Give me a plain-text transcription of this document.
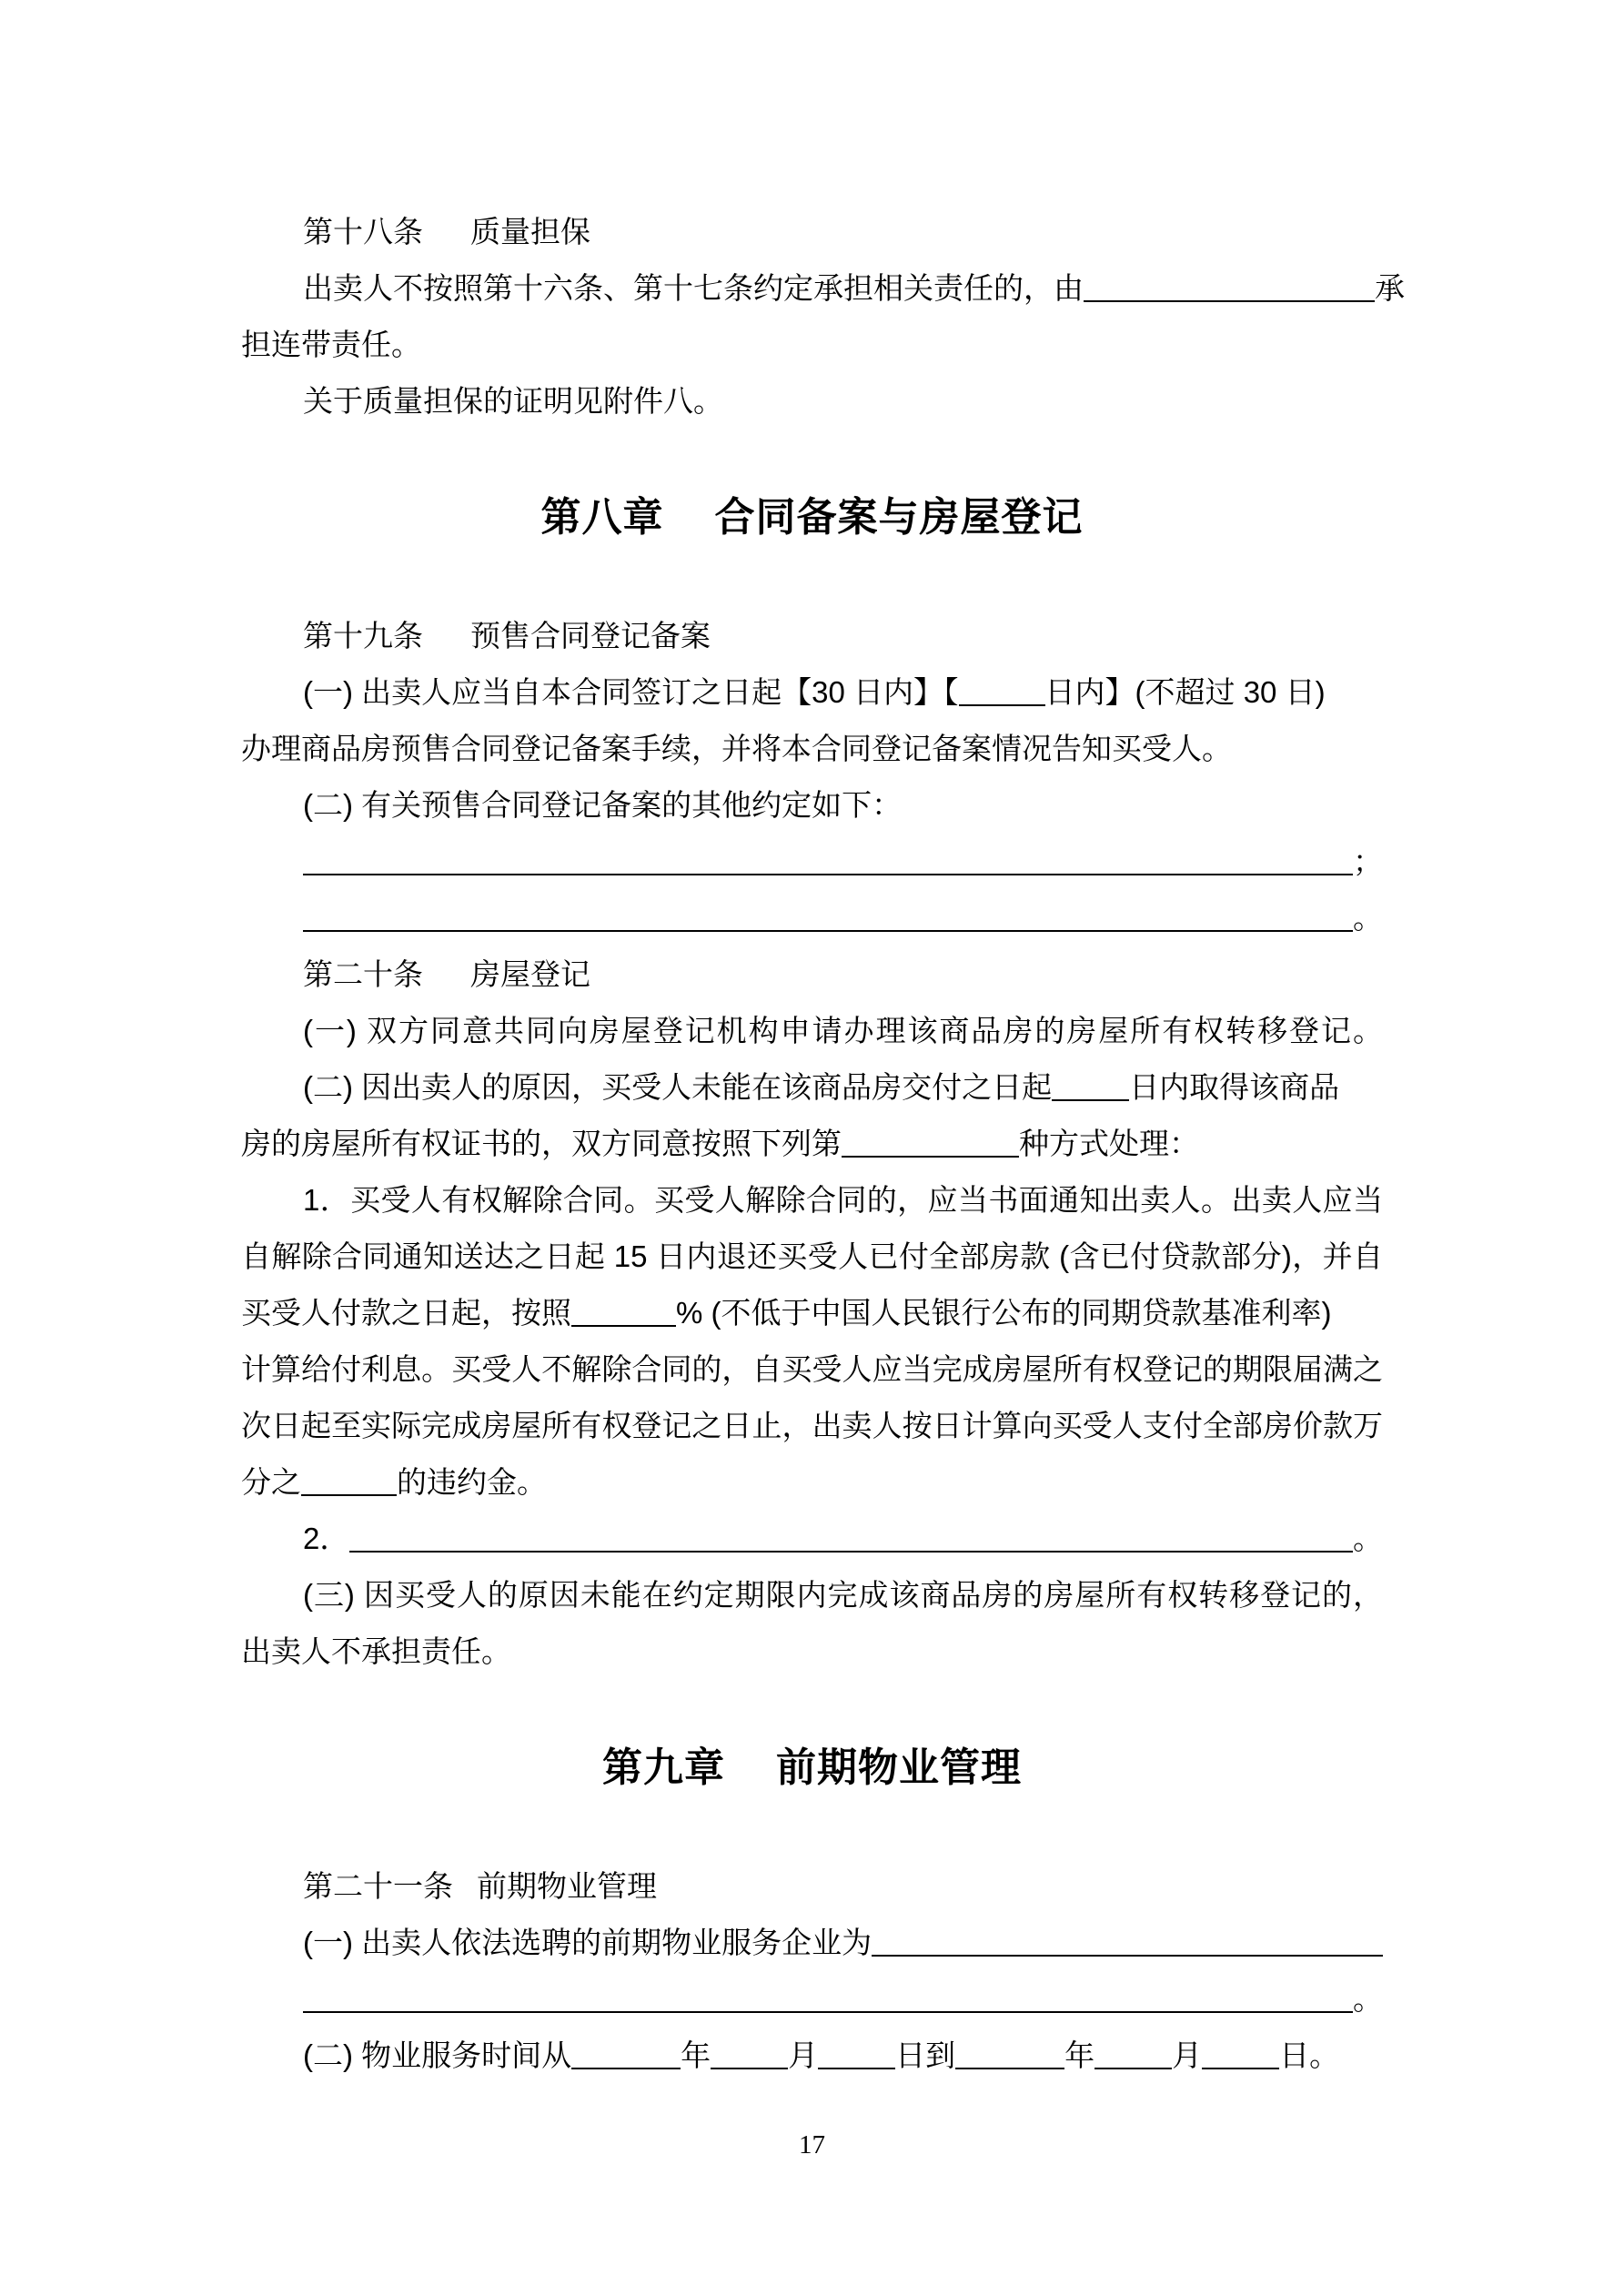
第十八条 质量担保
出卖人不按照第十六条、第十七条约定承担相关责任的，由	承
担连带责任。
关于质量担保的证明见附件八。
第八章 合同备案与房屋登记
第十九条 预售合同登记备案
(一) 出卖人应当自本合同签订之日起【30 日内】【	日内】(不超过 30 日)
办理商品房预售合同登记备案手续，并将本合同登记备案情况告知买受人。
(二) 有关预售合同登记备案的其他约定如下：
；
。
第二十条 房屋登记
(一) 双方同意共同向房屋登记机构申请办理该商品房的房屋所有权转移登记。
(二) 因出卖人的原因，买受人未能在该商品房交付之日起	日内取得该商品
房的房屋所有权证书的，双方同意按照下列第	种方式处理：
1．买受人有权解除合同。买受人解除合同的，应当书面通知出卖人。出卖人应当
自解除合同通知送达之日起 15 日内退还买受人已付全部房款 (含已付贷款部分)，并自
买受人付款之日起，按照	% (不低于中国人民银行公布的同期贷款基准利率)
计算给付利息。买受人不解除合同的，自买受人应当完成房屋所有权登记的期限届满之
次日起至实际完成房屋所有权登记之日止，出卖人按日计算向买受人支付全部房价款万
分之	的违约金。
2．	。
(三) 因买受人的原因未能在约定期限内完成该商品房的房屋所有权转移登记的，
出卖人不承担责任。
第九章 前期物业管理
第二十一条 前期物业管理
(一) 出卖人依法选聘的前期物业服务企业为
。
(二) 物业服务时间从	年	月	日到	年	月	日。
17
